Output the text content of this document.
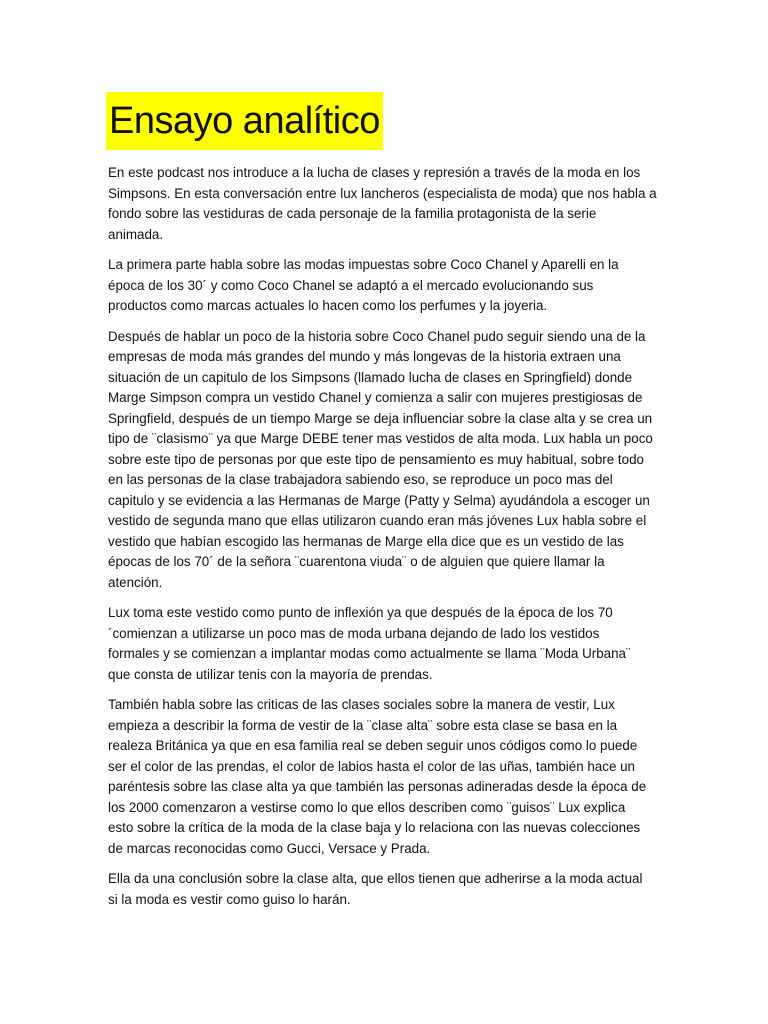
Ensayo analítico

En este podcast nos introduce a la lucha de clases y represión a través de la moda en los
Simpsons. En esta conversación entre lux lancheros (especialista de moda) que nos habla a
fondo sobre las vestiduras de cada personaje de la familia protagonista de la serie
animada.

La primera parte habla sobre las modas impuestas sobre Coco Chanel y Aparelli en la
época de los 30´ y como Coco Chanel se adaptó a el mercado evolucionando sus
productos como marcas actuales lo hacen como los perfumes y la joyeria.

Después de hablar un poco de la historia sobre Coco Chanel pudo seguir siendo una de la
empresas de moda más grandes del mundo y más longevas de la historia extraen una
situación de un capitulo de los Simpsons (llamado lucha de clases en Springfield) donde
Marge Simpson compra un vestido Chanel y comienza a salir con mujeres prestigiosas de
Springfield, después de un tiempo Marge se deja influenciar sobre la clase alta y se crea un
tipo de ¨clasismo¨ ya que Marge DEBE tener mas vestidos de alta moda. Lux habla un poco
sobre este tipo de personas por que este tipo de pensamiento es muy habitual, sobre todo
en las personas de la clase trabajadora sabiendo eso, se reproduce un poco mas del
capitulo y se evidencia a las Hermanas de Marge (Patty y Selma) ayudándola a escoger un
vestido de segunda mano que ellas utilizaron cuando eran más jóvenes Lux habla sobre el
vestido que habían escogido las hermanas de Marge ella dice que es un vestido de las
épocas de los 70´ de la señora ¨cuarentona viuda¨ o de alguien que quiere llamar la
atención.

Lux toma este vestido como punto de inflexión ya que después de la época de los 70
´comienzan a utilizarse un poco mas de moda urbana dejando de lado los vestidos
formales y se comienzan a implantar modas como actualmente se llama ¨Moda Urbana¨
que consta de utilizar tenis con la mayoría de prendas.

También habla sobre las criticas de las clases sociales sobre la manera de vestir, Lux
empieza a describir la forma de vestir de la ¨clase alta¨ sobre esta clase se basa en la
realeza Británica ya que en esa familia real se deben seguir unos códigos como lo puede
ser el color de las prendas, el color de labios hasta el color de las uñas, también hace un
paréntesis sobre las clase alta ya que también las personas adineradas desde la época de
los 2000 comenzaron a vestirse como lo que ellos describen como ¨guisos¨ Lux explica
esto sobre la crítica de la moda de la clase baja y lo relaciona con las nuevas colecciones
de marcas reconocidas como Gucci, Versace y Prada.

Ella da una conclusión sobre la clase alta, que ellos tienen que adherirse a la moda actual
si la moda es vestir como guiso lo harán.
